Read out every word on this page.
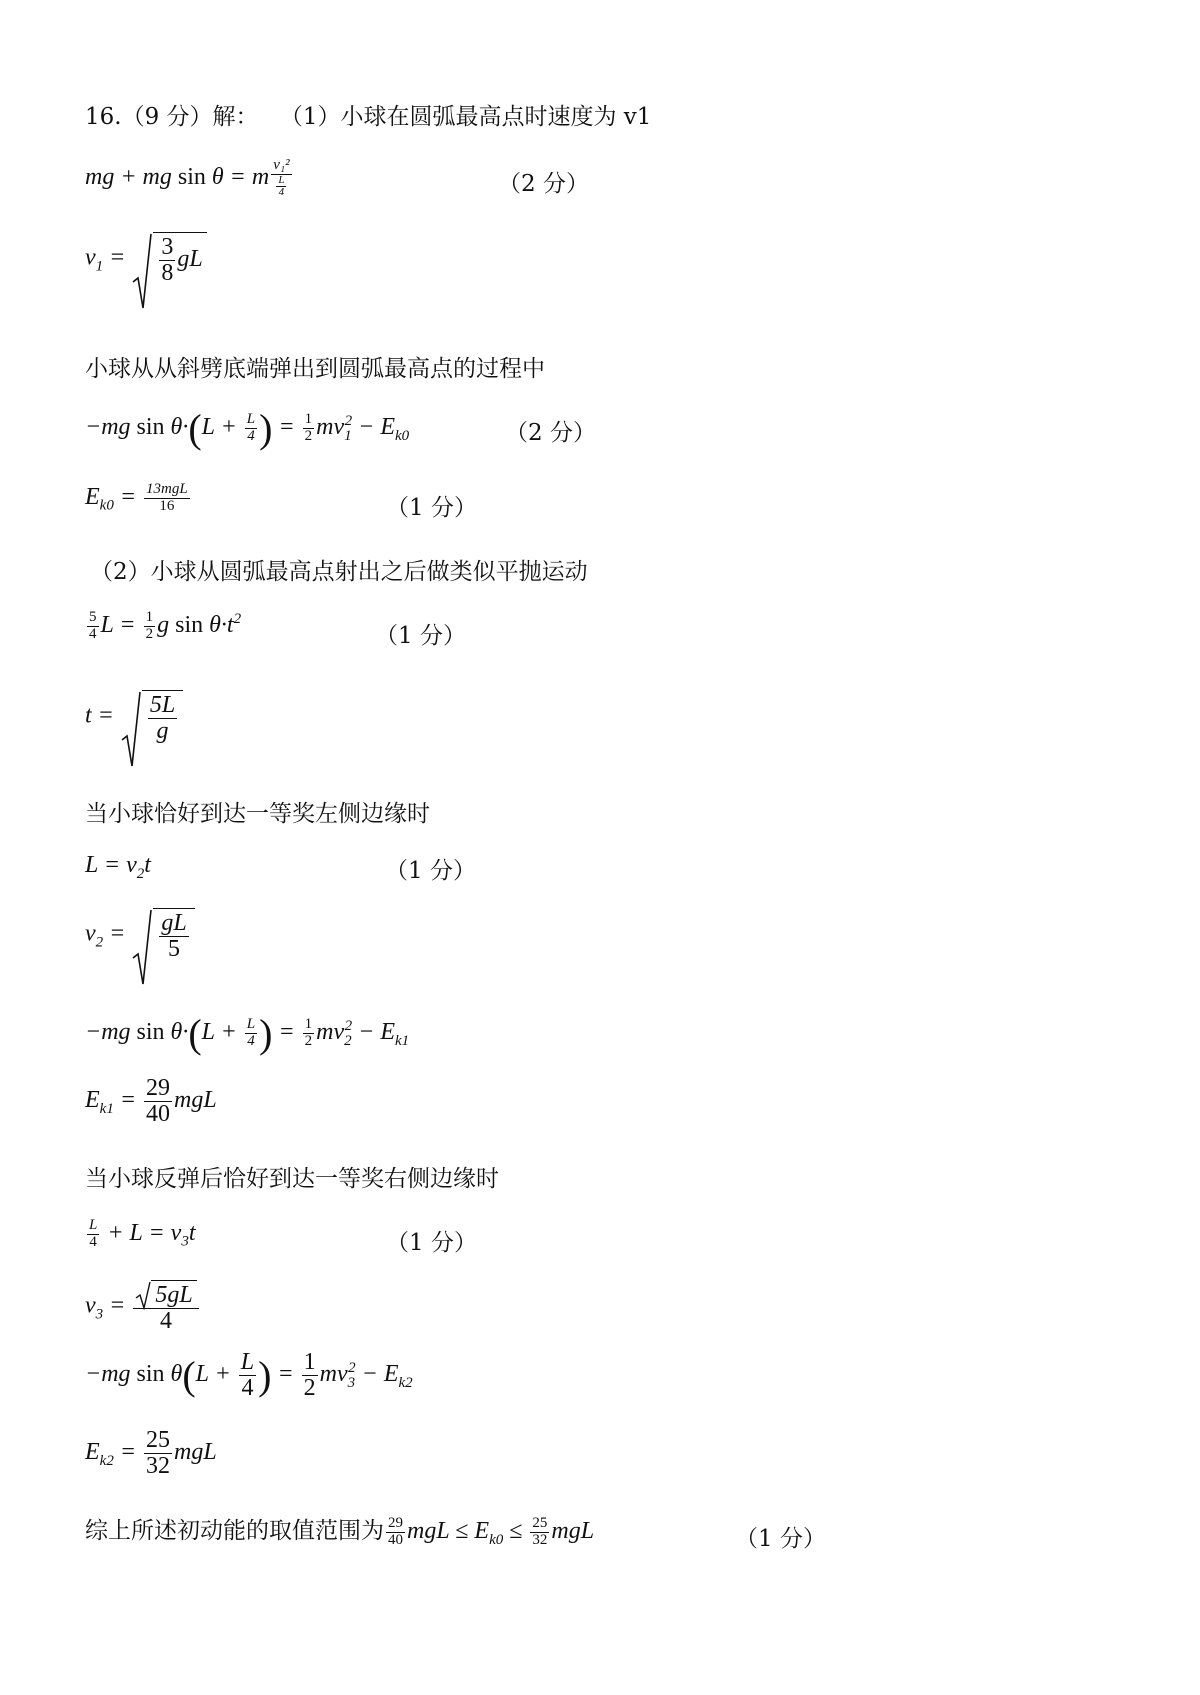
16.（9 分）解： （1）小球在圆弧最高点时速度为 v1
mg + mg sin θ = m $\frac{\text{v₁²}}{\frac{L}{4}}$	（2 分）
$v_1 = \frac{3}{8}$ gL
小球从从斜劈底端弹出到圆弧最高点的过程中
−mg $\sin \theta\cdot(L + \frac{L}{4}$ ) = $\frac{1}{2} mv_1^2 - E_{k0}$	（2 分）
$E_{k0} = \frac{\text{13mgL}}{16}$	（1 分）
（2）小球从圆弧最高点射出之后做类似平抛运动
$\frac{5}{4}$ $L = \frac{1}{2}$ g $\sin \theta\cdot t^2$
（1 分）
$t = \frac{5L}{g}$
当小球恰好到达一等奖左侧边缘时
$L = v_2t$	（1 分）
$v_2 = \frac{gL}{5}$
−mg $\sin \theta\cdot(L + \frac{L}{4}$ ) = $\frac{1}{2} mv_2^2 - E_{k1}$
$E_{k1} = \frac{29}{40}$ mgL
当小球反弹后恰好到达一等奖右侧边缘时
$\frac{L}{4} + L = v_3t$	（1 分）
$v_3 = \frac{5gL}{4}$
−mg $\sin \theta(L + \frac{L}{4}$ ) = $\frac{1}{2} mv_3^2 - E_{k2}$
$E_{k2} = \frac{25}{32}$ mgL
综上所述初动能的取值范围为 $\frac{29}{40}$ mgL ≤ $E_{k0} \le \frac{25}{32}$ mgL	（1 分）
